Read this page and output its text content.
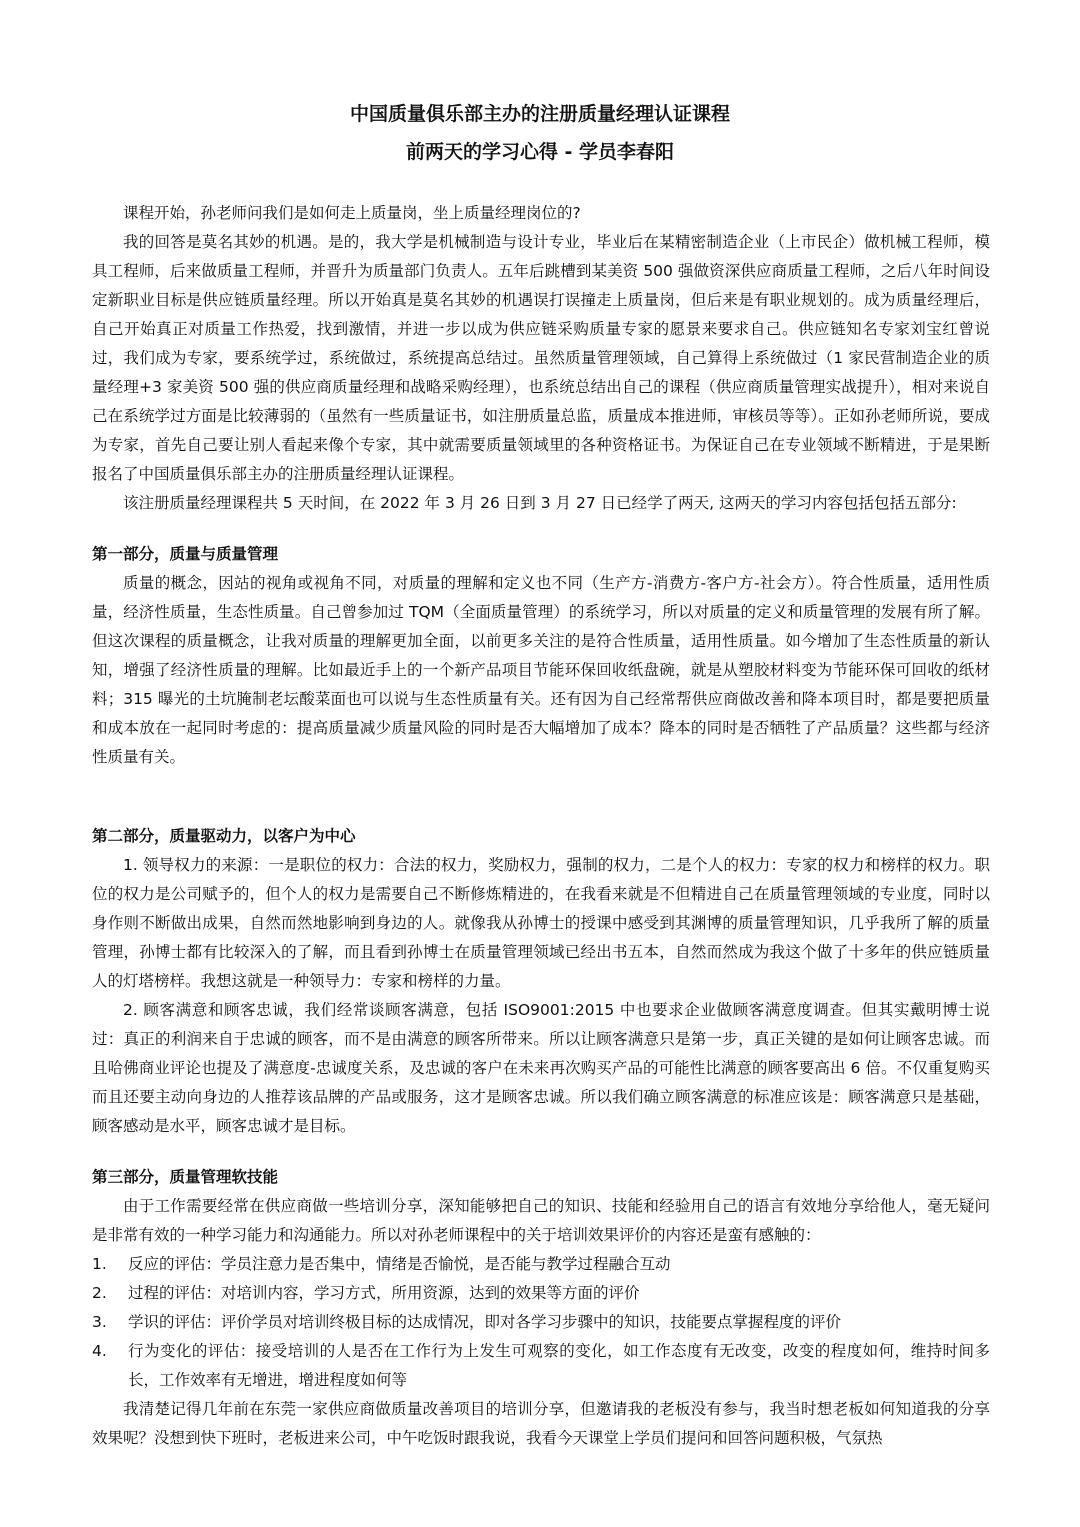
中国质量俱乐部主办的注册质量经理认证课程
前两天的学习心得 - 学员李春阳

课程开始，孙老师问我们是如何走上质量岗，坐上质量经理岗位的?

我的回答是莫名其妙的机遇。是的，我大学是机械制造与设计专业，毕业后在某精密制造企业（上市民企）做机械工程师，模具工程师，后来做质量工程师，并晋升为质量部门负责人。五年后跳槽到某美资 500 强做资深供应商质量工程师，之后八年时间设定新职业目标是供应链质量经理。所以开始真是莫名其妙的机遇误打误撞走上质量岗，但后来是有职业规划的。成为质量经理后，自己开始真正对质量工作热爱，找到激情，并进一步以成为供应链采购质量专家的愿景来要求自己。供应链知名专家刘宝红曾说过，我们成为专家，要系统学过，系统做过，系统提高总结过。虽然质量管理领域，自己算得上系统做过（1 家民营制造企业的质量经理+3 家美资 500 强的供应商质量经理和战略采购经理），也系统总结出自己的课程（供应商质量管理实战提升），相对来说自己在系统学过方面是比较薄弱的（虽然有一些质量证书，如注册质量总监，质量成本推进师，审核员等等）。正如孙老师所说，要成为专家，首先自己要让别人看起来像个专家，其中就需要质量领域里的各种资格证书。为保证自己在专业领域不断精进，于是果断报名了中国质量俱乐部主办的注册质量经理认证课程。

该注册质量经理课程共 5 天时间，在 2022 年 3 月 26 日到 3 月 27 日已经学了两天, 这两天的学习内容包括包括五部分:

第一部分，质量与质量管理

质量的概念，因站的视角或视角不同，对质量的理解和定义也不同（生产方-消费方-客户方-社会方）。符合性质量，适用性质量，经济性质量，生态性质量。自己曾参加过 TQM（全面质量管理）的系统学习，所以对质量的定义和质量管理的发展有所了解。但这次课程的质量概念，让我对质量的理解更加全面，以前更多关注的是符合性质量，适用性质量。如今增加了生态性质量的新认知，增强了经济性质量的理解。比如最近手上的一个新产品项目节能环保回收纸盘碗，就是从塑胶材料变为节能环保可回收的纸材料；315 曝光的土坑腌制老坛酸菜面也可以说与生态性质量有关。还有因为自己经常帮供应商做改善和降本项目时，都是要把质量和成本放在一起同时考虑的：提高质量减少质量风险的同时是否大幅增加了成本？降本的同时是否牺牲了产品质量？这些都与经济性质量有关。

第二部分，质量驱动力，以客户为中心

1. 领导权力的来源：一是职位的权力：合法的权力，奖励权力，强制的权力，二是个人的权力：专家的权力和榜样的权力。职位的权力是公司赋予的，但个人的权力是需要自己不断修炼精进的，在我看来就是不但精进自己在质量管理领域的专业度，同时以身作则不断做出成果，自然而然地影响到身边的人。就像我从孙博士的授课中感受到其渊博的质量管理知识，几乎我所了解的质量管理，孙博士都有比较深入的了解，而且看到孙博士在质量管理领域已经出书五本，自然而然成为我这个做了十多年的供应链质量人的灯塔榜样。我想这就是一种领导力：专家和榜样的力量。

2. 顾客满意和顾客忠诚，我们经常谈顾客满意，包括 ISO9001:2015 中也要求企业做顾客满意度调查。但其实戴明博士说过：真正的利润来自于忠诚的顾客，而不是由满意的顾客所带来。所以让顾客满意只是第一步，真正关键的是如何让顾客忠诚。而且哈佛商业评论也提及了满意度-忠诚度关系，及忠诚的客户在未来再次购买产品的可能性比满意的顾客要高出 6 倍。不仅重复购买而且还要主动向身边的人推荐该品牌的产品或服务，这才是顾客忠诚。所以我们确立顾客满意的标准应该是：顾客满意只是基础，顾客感动是水平，顾客忠诚才是目标。

第三部分，质量管理软技能

由于工作需要经常在供应商做一些培训分享，深知能够把自己的知识、技能和经验用自己的语言有效地分享给他人，毫无疑问是非常有效的一种学习能力和沟通能力。所以对孙老师课程中的关于培训效果评价的内容还是蛮有感触的：

1.	反应的评估：学员注意力是否集中，情绪是否愉悦，是否能与教学过程融合互动
2.	过程的评估：对培训内容，学习方式，所用资源，达到的效果等方面的评价
3.	学识的评估：评价学员对培训终极目标的达成情况，即对各学习步骤中的知识，技能要点掌握程度的评价
4.	行为变化的评估：接受培训的人是否在工作行为上发生可观察的变化，如工作态度有无改变，改变的程度如何，维持时间多长，工作效率有无增进，增进程度如何等

我清楚记得几年前在东莞一家供应商做质量改善项目的培训分享，但邀请我的老板没有参与，我当时想老板如何知道我的分享效果呢？没想到快下班时，老板进来公司，中午吃饭时跟我说，我看今天课堂上学员们提问和回答问题积极，气氛热
